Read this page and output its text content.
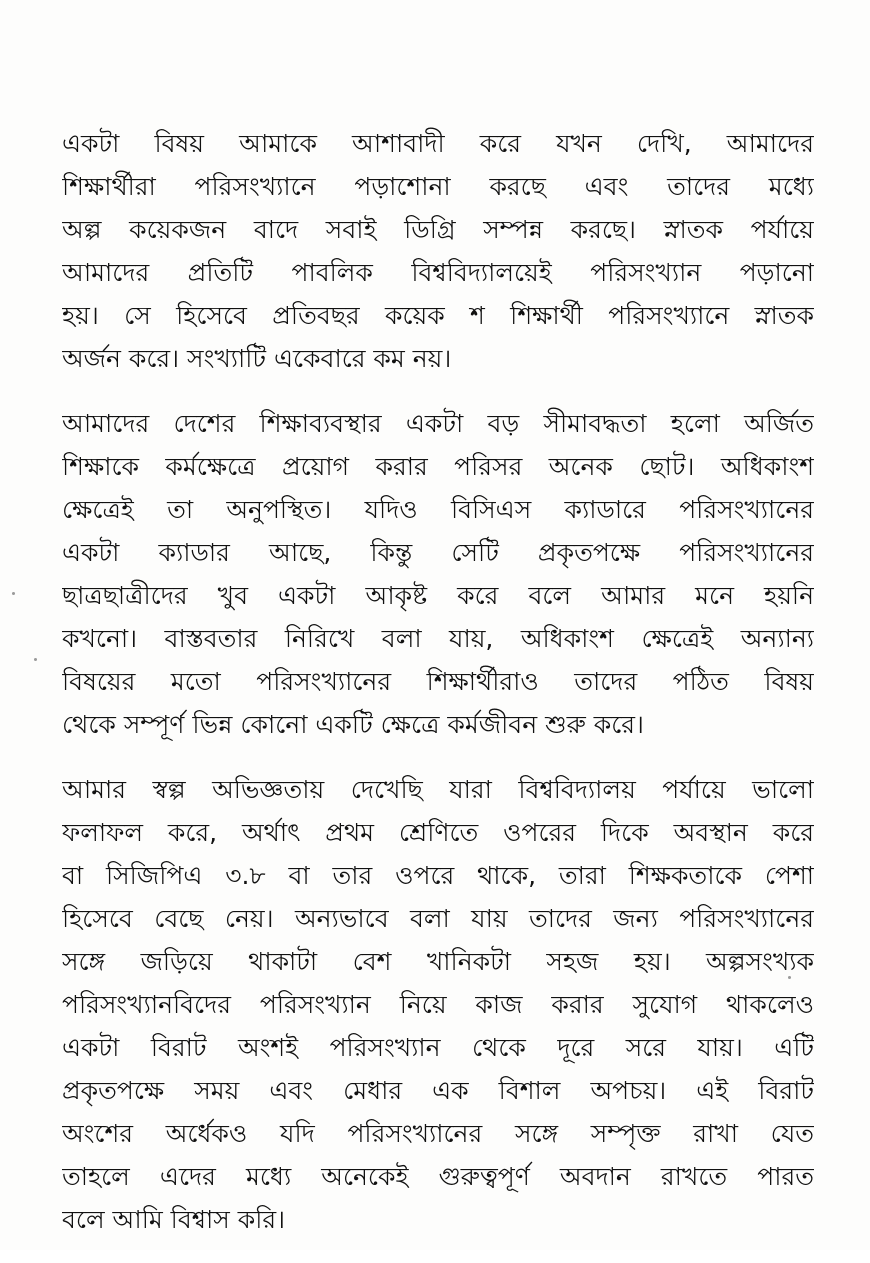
একটা বিষয় আমাকে আশাবাদী করে যখন দেখি, আমাদের
শিক্ষার্থীরা পরিসংখ্যানে পড়াশোনা করছে এবং তাদের মধ্যে
অল্প কয়েকজন বাদে সবাই ডিগ্রি সম্পন্ন করছে। স্নাতক পর্যায়ে
আমাদের প্রতিটি পাবলিক বিশ্ববিদ্যালয়েই পরিসংখ্যান পড়ানো
হয়। সে হিসেবে প্রতিবছর কয়েক শ শিক্ষার্থী পরিসংখ্যানে স্নাতক
অর্জন করে। সংখ্যাটি একেবারে কম নয়।
আমাদের দেশের শিক্ষাব্যবস্থার একটা বড় সীমাবদ্ধতা হলো অর্জিত
শিক্ষাকে কর্মক্ষেত্রে প্রয়োগ করার পরিসর অনেক ছোট। অধিকাংশ
ক্ষেত্রেই তা অনুপস্থিত। যদিও বিসিএস ক্যাডারে পরিসংখ্যানের
একটা ক্যাডার আছে, কিন্তু সেটি প্রকৃতপক্ষে পরিসংখ্যানের
ছাত্রছাত্রীদের খুব একটা আকৃষ্ট করে বলে আমার মনে হয়নি
কখনো। বাস্তবতার নিরিখে বলা যায়, অধিকাংশ ক্ষেত্রেই অন্যান্য
বিষয়ের মতো পরিসংখ্যানের শিক্ষার্থীরাও তাদের পঠিত বিষয়
থেকে সম্পূর্ণ ভিন্ন কোনো একটি ক্ষেত্রে কর্মজীবন শুরু করে।
আমার স্বল্প অভিজ্ঞতায় দেখেছি যারা বিশ্ববিদ্যালয় পর্যায়ে ভালো
ফলাফল করে, অর্থাৎ প্রথম শ্রেণিতে ওপরের দিকে অবস্থান করে
বা সিজিপিএ ৩.৮ বা তার ওপরে থাকে, তারা শিক্ষকতাকে পেশা
হিসেবে বেছে নেয়। অন্যভাবে বলা যায় তাদের জন্য পরিসংখ্যানের
সঙ্গে জড়িয়ে থাকাটা বেশ খানিকটা সহজ হয়। অল্পসংখ্যক
পরিসংখ্যানবিদের পরিসংখ্যান নিয়ে কাজ করার সুযোগ থাকলেও
একটা বিরাট অংশই পরিসংখ্যান থেকে দূরে সরে যায়। এটি
প্রকৃতপক্ষে সময় এবং মেধার এক বিশাল অপচয়। এই বিরাট
অংশের অর্ধেকও যদি পরিসংখ্যানের সঙ্গে সম্পৃক্ত রাখা যেত
তাহলে এদের মধ্যে অনেকেই গুরুত্বপূর্ণ অবদান রাখতে পারত
বলে আমি বিশ্বাস করি।
